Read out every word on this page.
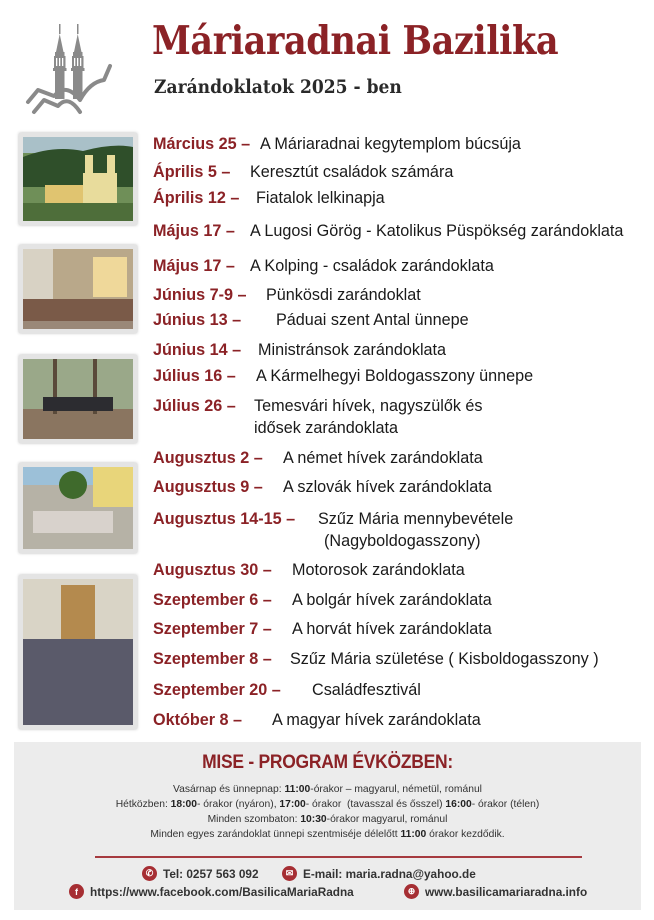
Máriaradnai Bazilika
Zarándoklatok 2025 - ben
Március 25 – A Máriaradnai kegytemplom búcsúja
Április 5 – Keresztút családok számára
Április 12 – Fiatalok lelkinapja
Május 17 – A Lugosi Görög - Katolikus Püspökség zarándoklata
Május 17 – A Kolping - családok zarándoklata
Június 7-9 – Pünkösdi zarándoklat
Június 13 – Páduai szent Antal ünnepe
Június 14 – Ministránsok zarándoklata
Július 16 – A Kármelhegyi Boldogasszony ünnepe
Július 26 – Temesvári hívek, nagyszülők és

idősek zarándoklata
Augusztus 2 – A német hívek zarándoklata
Augusztus 9 – A szlovák hívek zarándoklata
Augusztus 14-15 – Szűz Mária mennybevétele

(Nagyboldogasszony)
Augusztus 30 – Motorosok zarándoklata
Szeptember 6 – A bolgár hívek zarándoklata
Szeptember 7 – A horvát hívek zarándoklata
Szeptember 8 – Szűz Mária születése ( Kisboldogasszony )
Szeptember 20 – Családfesztivál
Október 8 – A magyar hívek zarándoklata
MISE - PROGRAM ÉVKÖZBEN:
Vasárnap és ünnepnap: 11:00-órakor – magyarul, németül, románul
Hétközben: 18:00- órakor (nyáron), 17:00- órakor  (tavasszal és ősszel) 16:00- órakor (télen)
Minden szombaton: 10:30-órakor magyarul, románul
Minden egyes zarándoklat ünnepi szentmiséje délelőtt 11:00 órakor kezdődik.
✆ Tel: 0257 563 092	✉ E-mail: maria.radna@yahoo.de
f	https://www.facebook.com/BasilicaMariaRadna	⊕ www.basilicamariaradna.info
